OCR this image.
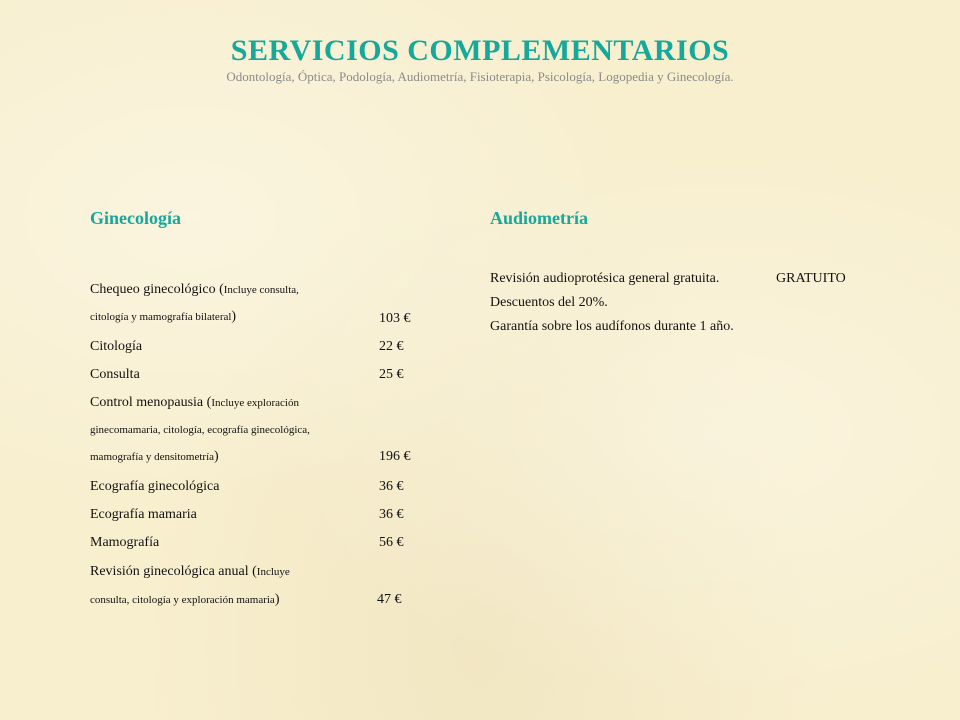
SERVICIOS COMPLEMENTARIOS
Odontología, Óptica, Podología, Audiometría, Fisioterapia, Psicología, Logopedia y Ginecología.
Ginecología	Audiometría
Chequeo ginecológico (Incluye consulta,
citología y mamografía bilateral)	103 €
Citología	22 €
Consulta	25 €
Control menopausia (Incluye exploración
ginecomamaria, citología, ecografía ginecológica,
mamografía y densitometría)	196 €
Ecografía ginecológica	36 €
Ecografía mamaria	36 €
Mamografía	56 €
Revisión ginecológica anual (Incluye
consulta, citología y exploración mamaria)	47 €
Revisión audioprotésica general gratuita.	GRATUITO
Descuentos del 20%.
Garantía sobre los audífonos durante 1 año.
